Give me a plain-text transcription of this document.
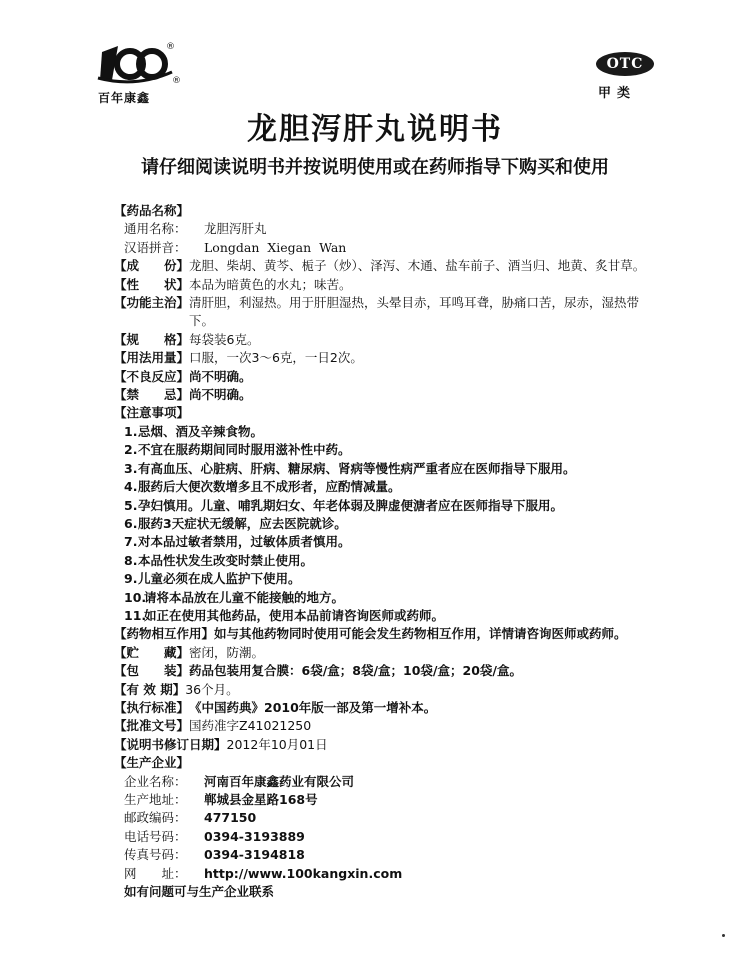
®
®
百年康鑫
OTC
甲类
龙胆泻肝丸说明书
请仔细阅读说明书并按说明使用或在药师指导下购买和使用
【药品名称】
通用名称：	龙胆泻肝丸
汉语拼音：	Longdan  Xiegan  Wan
【成　　份】 龙胆、柴胡、黄芩、栀子（炒）、泽泻、木通、盐车前子、酒当归、地黄、炙甘草。
【性　　状】 本品为暗黄色的水丸；味苦。
【功能主治】 清肝胆，利湿热。用于肝胆湿热，头晕目赤，耳鸣耳聋，胁痛口苦，尿赤，湿热带下。
【规　　格】 每袋装6克。
【用法用量】 口服，一次3～6克，一日2次。
【不良反应】 尚不明确。
【禁　　忌】 尚不明确。
【注意事项】
1. 忌烟、酒及辛辣食物。
2. 不宜在服药期间同时服用滋补性中药。
3. 有高血压、心脏病、肝病、糖尿病、肾病等慢性病严重者应在医师指导下服用。
4. 服药后大便次数增多且不成形者，应酌情减量。
5. 孕妇慎用。儿童、哺乳期妇女、年老体弱及脾虚便溏者应在医师指导下服用。
6. 服药3天症状无缓解，应去医院就诊。
7. 对本品过敏者禁用，过敏体质者慎用。
8. 本品性状发生改变时禁止使用。
9. 儿童必须在成人监护下使用。
10.
请将本品放在儿童不能接触的地方。
11.
如正在使用其他药品，使用本品前请咨询医师或药师。
【药物相互作用】 如与其他药物同时使用可能会发生药物相互作用，详情请咨询医师或药师。
【贮　　藏】 密闭，防潮。
【包　　装】 药品包装用复合膜：6袋/盒；8袋/盒；10袋/盒；20袋/盒。
【有 效 期】 36个月。
【执行标准】 《中国药典》2010年版一部及第一增补本。
【批准文号】 国药准字Z41021250
【说明书修订日期】 2012年10月01日
【生产企业】
企业名称：	河南百年康鑫药业有限公司
生产地址：	郸城县金星路168号
邮政编码：	477150
电话号码：	0394-3193889
传真号码：	0394-3194818
网　　址：	http://www.100kangxin.com
如有问题可与生产企业联系
